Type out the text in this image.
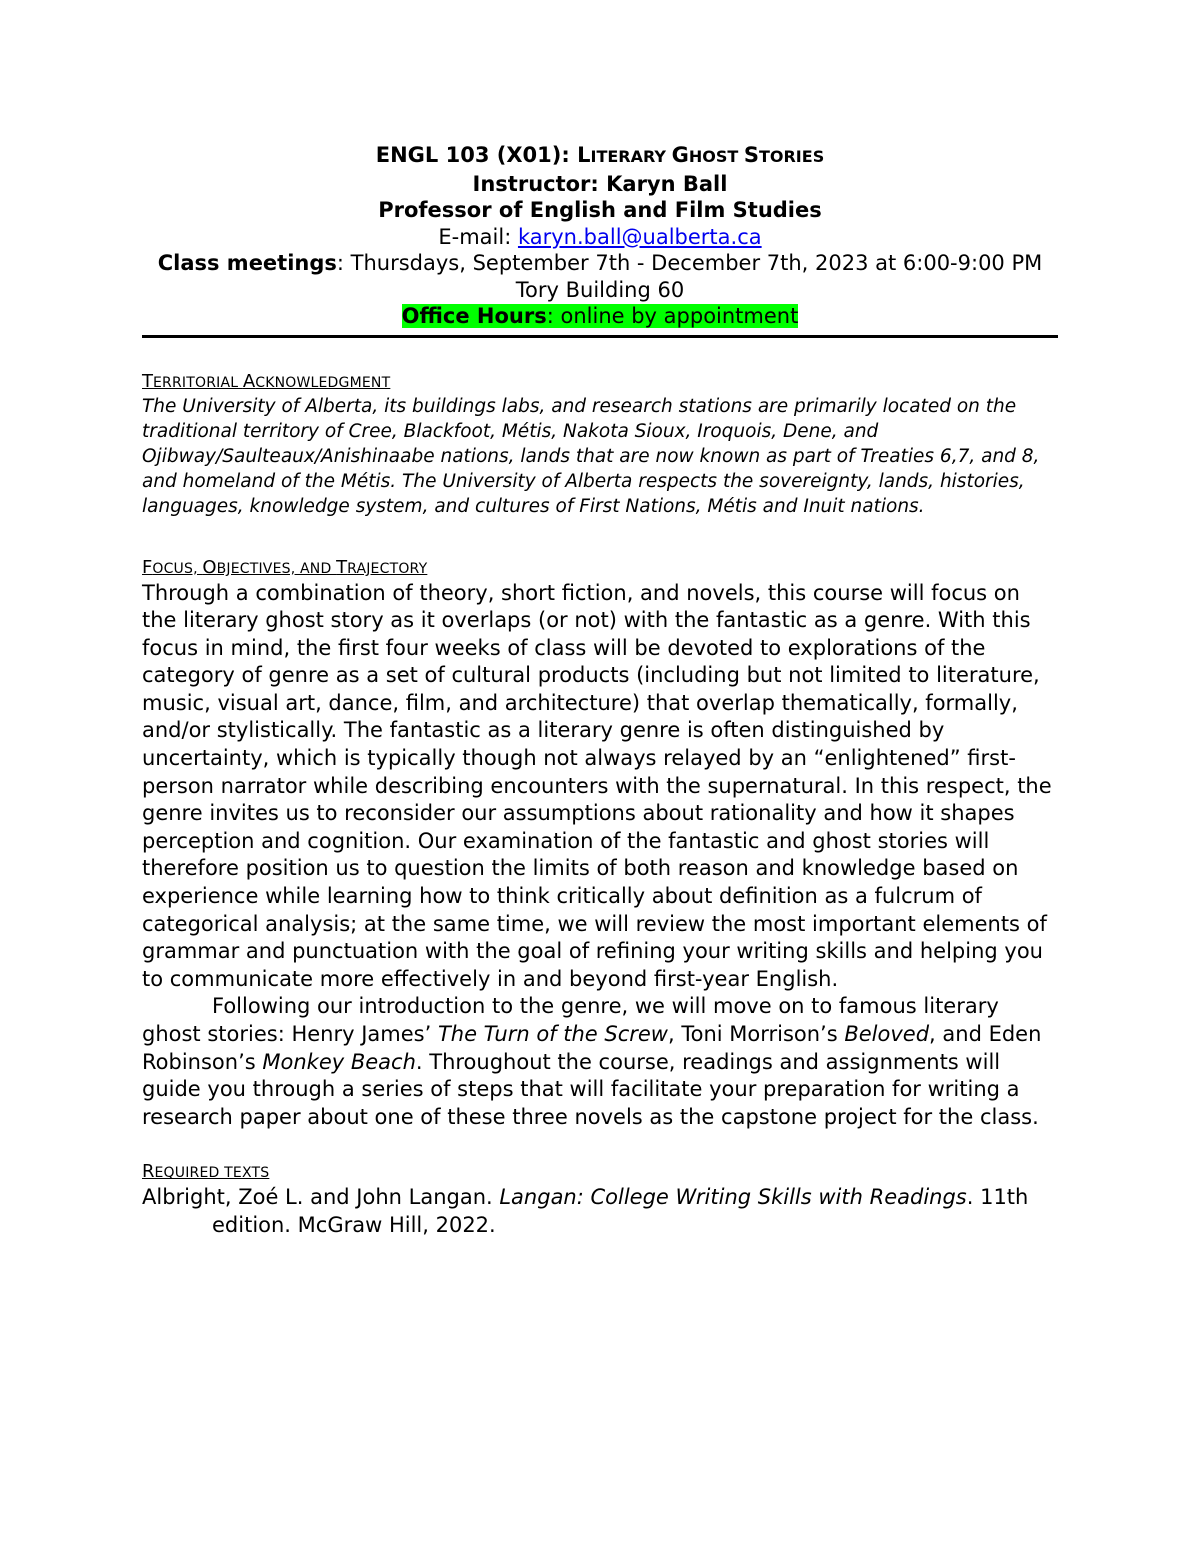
ENGL 103 (X01): LITERARY GHOST STORIES
Instructor: Karyn Ball
Professor of English and Film Studies
E-mail: karyn.ball@ualberta.ca
Class meetings: Thursdays, September 7th - December 7th, 2023 at 6:00-9:00 PM
Tory Building 60
Office Hours: online by appointment
TERRITORIAL ACKNOWLEDGMENT

The University of Alberta, its buildings labs, and research stations are primarily located on the traditional territory of Cree, Blackfoot, Métis, Nakota Sioux, Iroquois, Dene, and Ojibway/Saulteaux/Anishinaabe nations, lands that are now known as part of Treaties 6,7, and 8, and homeland of the Métis. The University of Alberta respects the sovereignty, lands, histories, languages, knowledge system, and cultures of First Nations, Métis and Inuit nations.

FOCUS, OBJECTIVES, AND TRAJECTORY

Through a combination of theory, short fiction, and novels, this course will focus on the literary ghost story as it overlaps (or not) with the fantastic as a genre. With this focus in mind, the first four weeks of class will be devoted to explorations of the category of genre as a set of cultural products (including but not limited to literature, music, visual art, dance, film, and architecture) that overlap thematically, formally, and/or stylistically. The fantastic as a literary genre is often distinguished by uncertainty, which is typically though not always relayed by an “enlightened” first-person narrator while describing encounters with the supernatural. In this respect, the genre invites us to reconsider our assumptions about rationality and how it shapes perception and cognition. Our examination of the fantastic and ghost stories will therefore position us to question the limits of both reason and knowledge based on experience while learning how to think critically about definition as a fulcrum of categorical analysis; at the same time, we will review the most important elements of grammar and punctuation with the goal of refining your writing skills and helping you to communicate more effectively in and beyond first-year English.

Following our introduction to the genre, we will move on to famous literary ghost stories: Henry James’ The Turn of the Screw, Toni Morrison’s Beloved, and Eden Robinson’s Monkey Beach. Throughout the course, readings and assignments will guide you through a series of steps that will facilitate your preparation for writing a research paper about one of these three novels as the capstone project for the class.

REQUIRED TEXTS

Albright, Zoé L. and John Langan. Langan: College Writing Skills with Readings. 11th

edition. McGraw Hill, 2022.
